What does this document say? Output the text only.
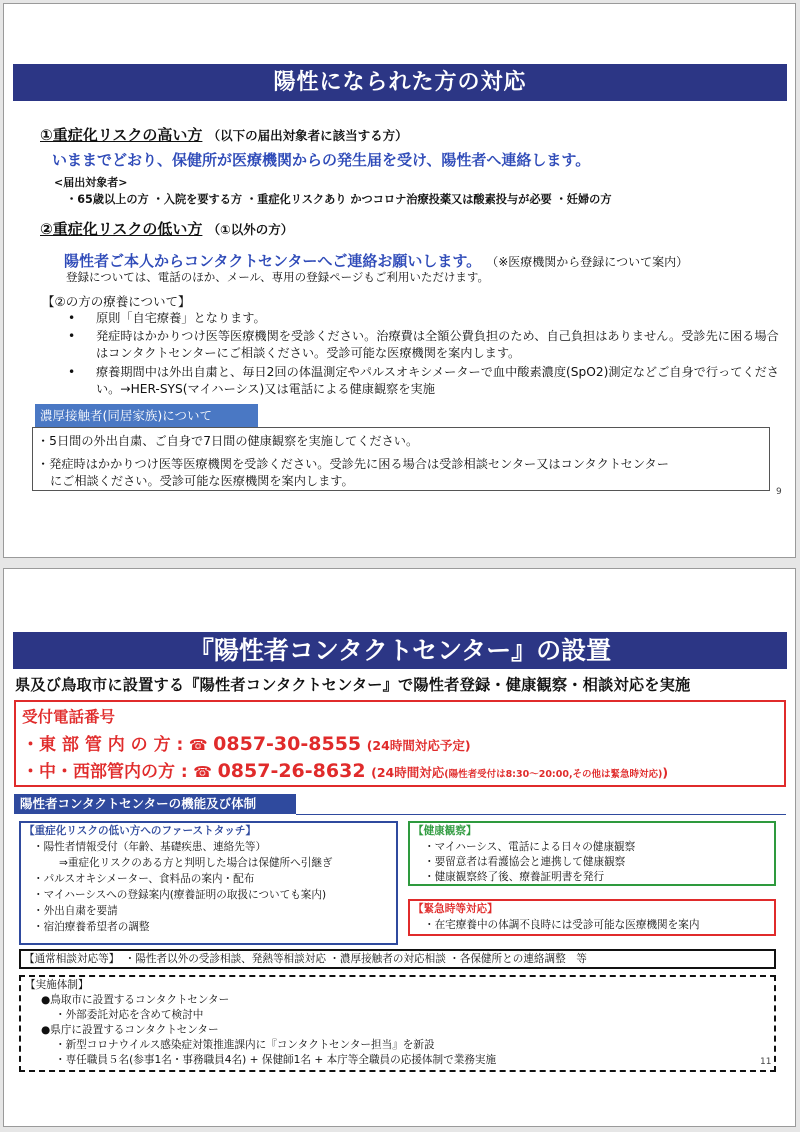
陽性になられた方の対応
①重症化リスクの高い方 （以下の届出対象者に該当する方）
いままでどおり、保健所が医療機関からの発生届を受け、陽性者へ連絡します。
<届出対象者>
・65歳以上の方 ・入院を要する方 ・重症化リスクあり かつコロナ治療投薬又は酸素投与が必要 ・妊婦の方
②重症化リスクの低い方 （①以外の方）
陽性者ご本人からコンタクトセンターへご連絡お願いします。 （※医療機関から登録について案内）
登録については、電話のほか、メール、専用の登録ページもご利用いただけます。
【②の方の療養について】
• 原則「自宅療養」となります。
• 発症時はかかりつけ医等医療機関を受診ください。治療費は全額公費負担のため、自己負担はありません。受診先に困る場合はコンタクトセンターにご相談ください。受診可能な医療機関を案内します。
• 療養期間中は外出自粛と、毎日2回の体温測定やパルスオキシメーターで血中酸素濃度(SpO2)測定などご自身で行ってください。→HER-SYS(マイハーシス)又は電話による健康観察を実施
濃厚接触者(同居家族)について
・5日間の外出自粛、ご自身で7日間の健康観察を実施してください。
・発症時はかかりつけ医等医療機関を受診ください。受診先に困る場合は受診相談センター又はコンタクトセンター
にご相談ください。受診可能な医療機関を案内します。
9
『陽性者コンタクトセンター』の設置
県及び鳥取市に設置する『陽性者コンタクトセンター』で陽性者登録・健康観察・相談対応を実施
受付電話番号
・東 部 管 内 の 方 : ☎ 0857-30-8555 (24時間対応予定)
・中・西部管内の方 : ☎ 0857-26-8632 (24時間対応(陽性者受付は8:30～20:00,その他は緊急時対応))
陽性者コンタクトセンターの機能及び体制
【重症化リスクの低い方へのファーストタッチ】
・陽性者情報受付（年齢、基礎疾患、連絡先等）
⇒重症化リスクのある方と判明した場合は保健所へ引継ぎ
・パルスオキシメーター、食料品の案内・配布
・マイハーシスへの登録案内(療養証明の取扱についても案内)
・外出自粛を要請
・宿泊療養希望者の調整
【健康観察】
・マイハーシス、電話による日々の健康観察
・要留意者は看護協会と連携して健康観察
・健康観察終了後、療養証明書を発行
【緊急時等対応】
・在宅療養中の体調不良時には受診可能な医療機関を案内
【通常相談対応等】　・陽性者以外の受診相談、発熱等相談対応 ・濃厚接触者の対応相談 ・各保健所との連絡調整　等
【実施体制】
●鳥取市に設置するコンタクトセンター
・外部委託対応を含めて検討中
●県庁に設置するコンタクトセンター
・新型コロナウイルス感染症対策推進課内に『コンタクトセンター担当』を新設
・専任職員５名(参事1名・事務職員4名) + 保健師1名 + 本庁等全職員の応援体制で業務実施	11
